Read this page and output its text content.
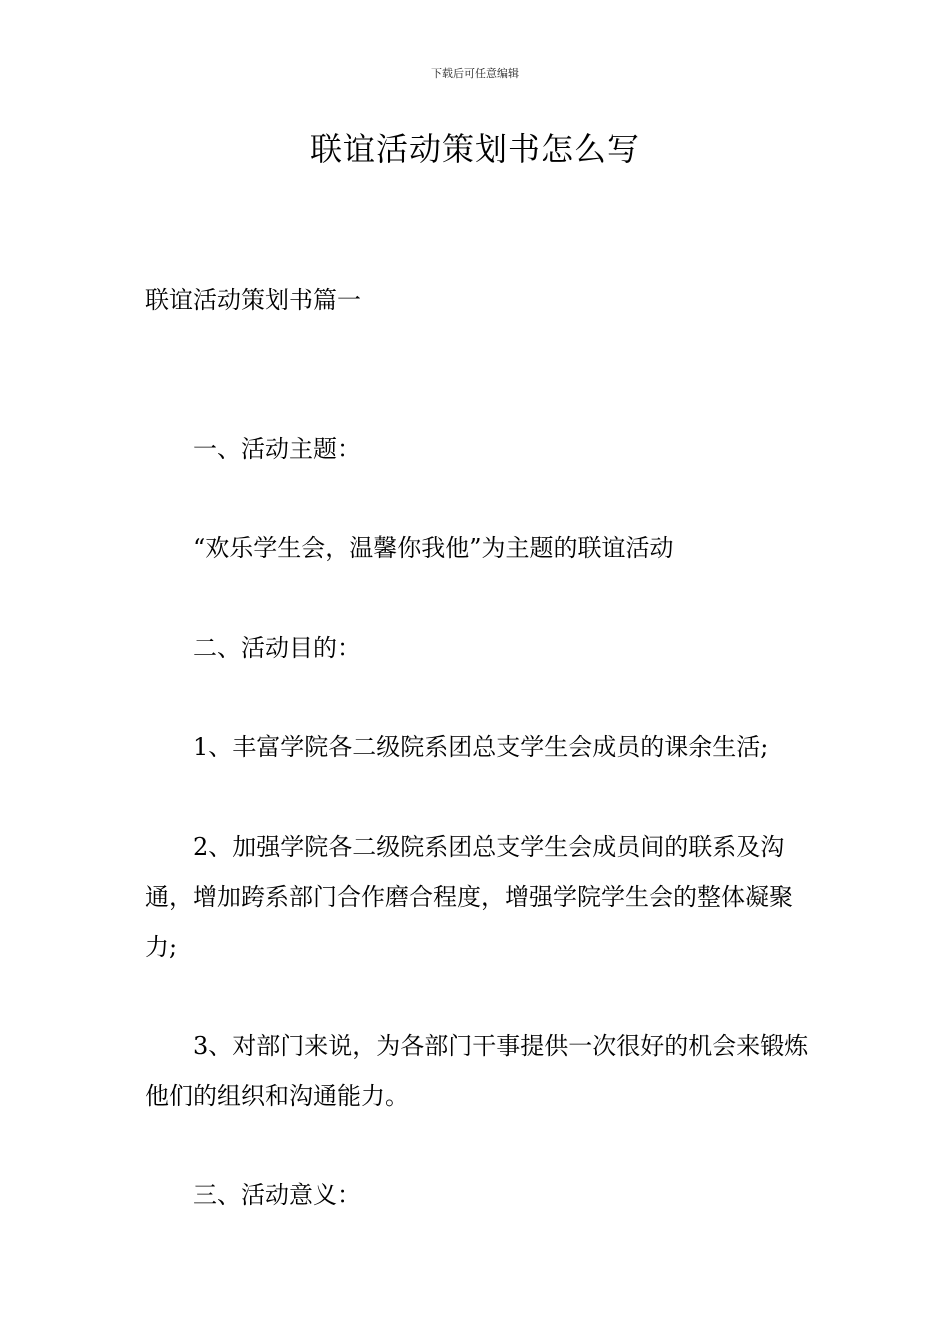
下载后可任意编辑
联谊活动策划书怎么写

联谊活动策划书篇一

一、活动主题：

“欢乐学生会，温馨你我他”为主题的联谊活动

二、活动目的：

1、丰富学院各二级院系团总支学生会成员的课余生活;

2、加强学院各二级院系团总支学生会成员间的联系及沟通，增加跨系部门合作磨合程度，增强学院学生会的整体凝聚力;

3、对部门来说，为各部门干事提供一次很好的机会来锻炼他们的组织和沟通能力。

三、活动意义：
